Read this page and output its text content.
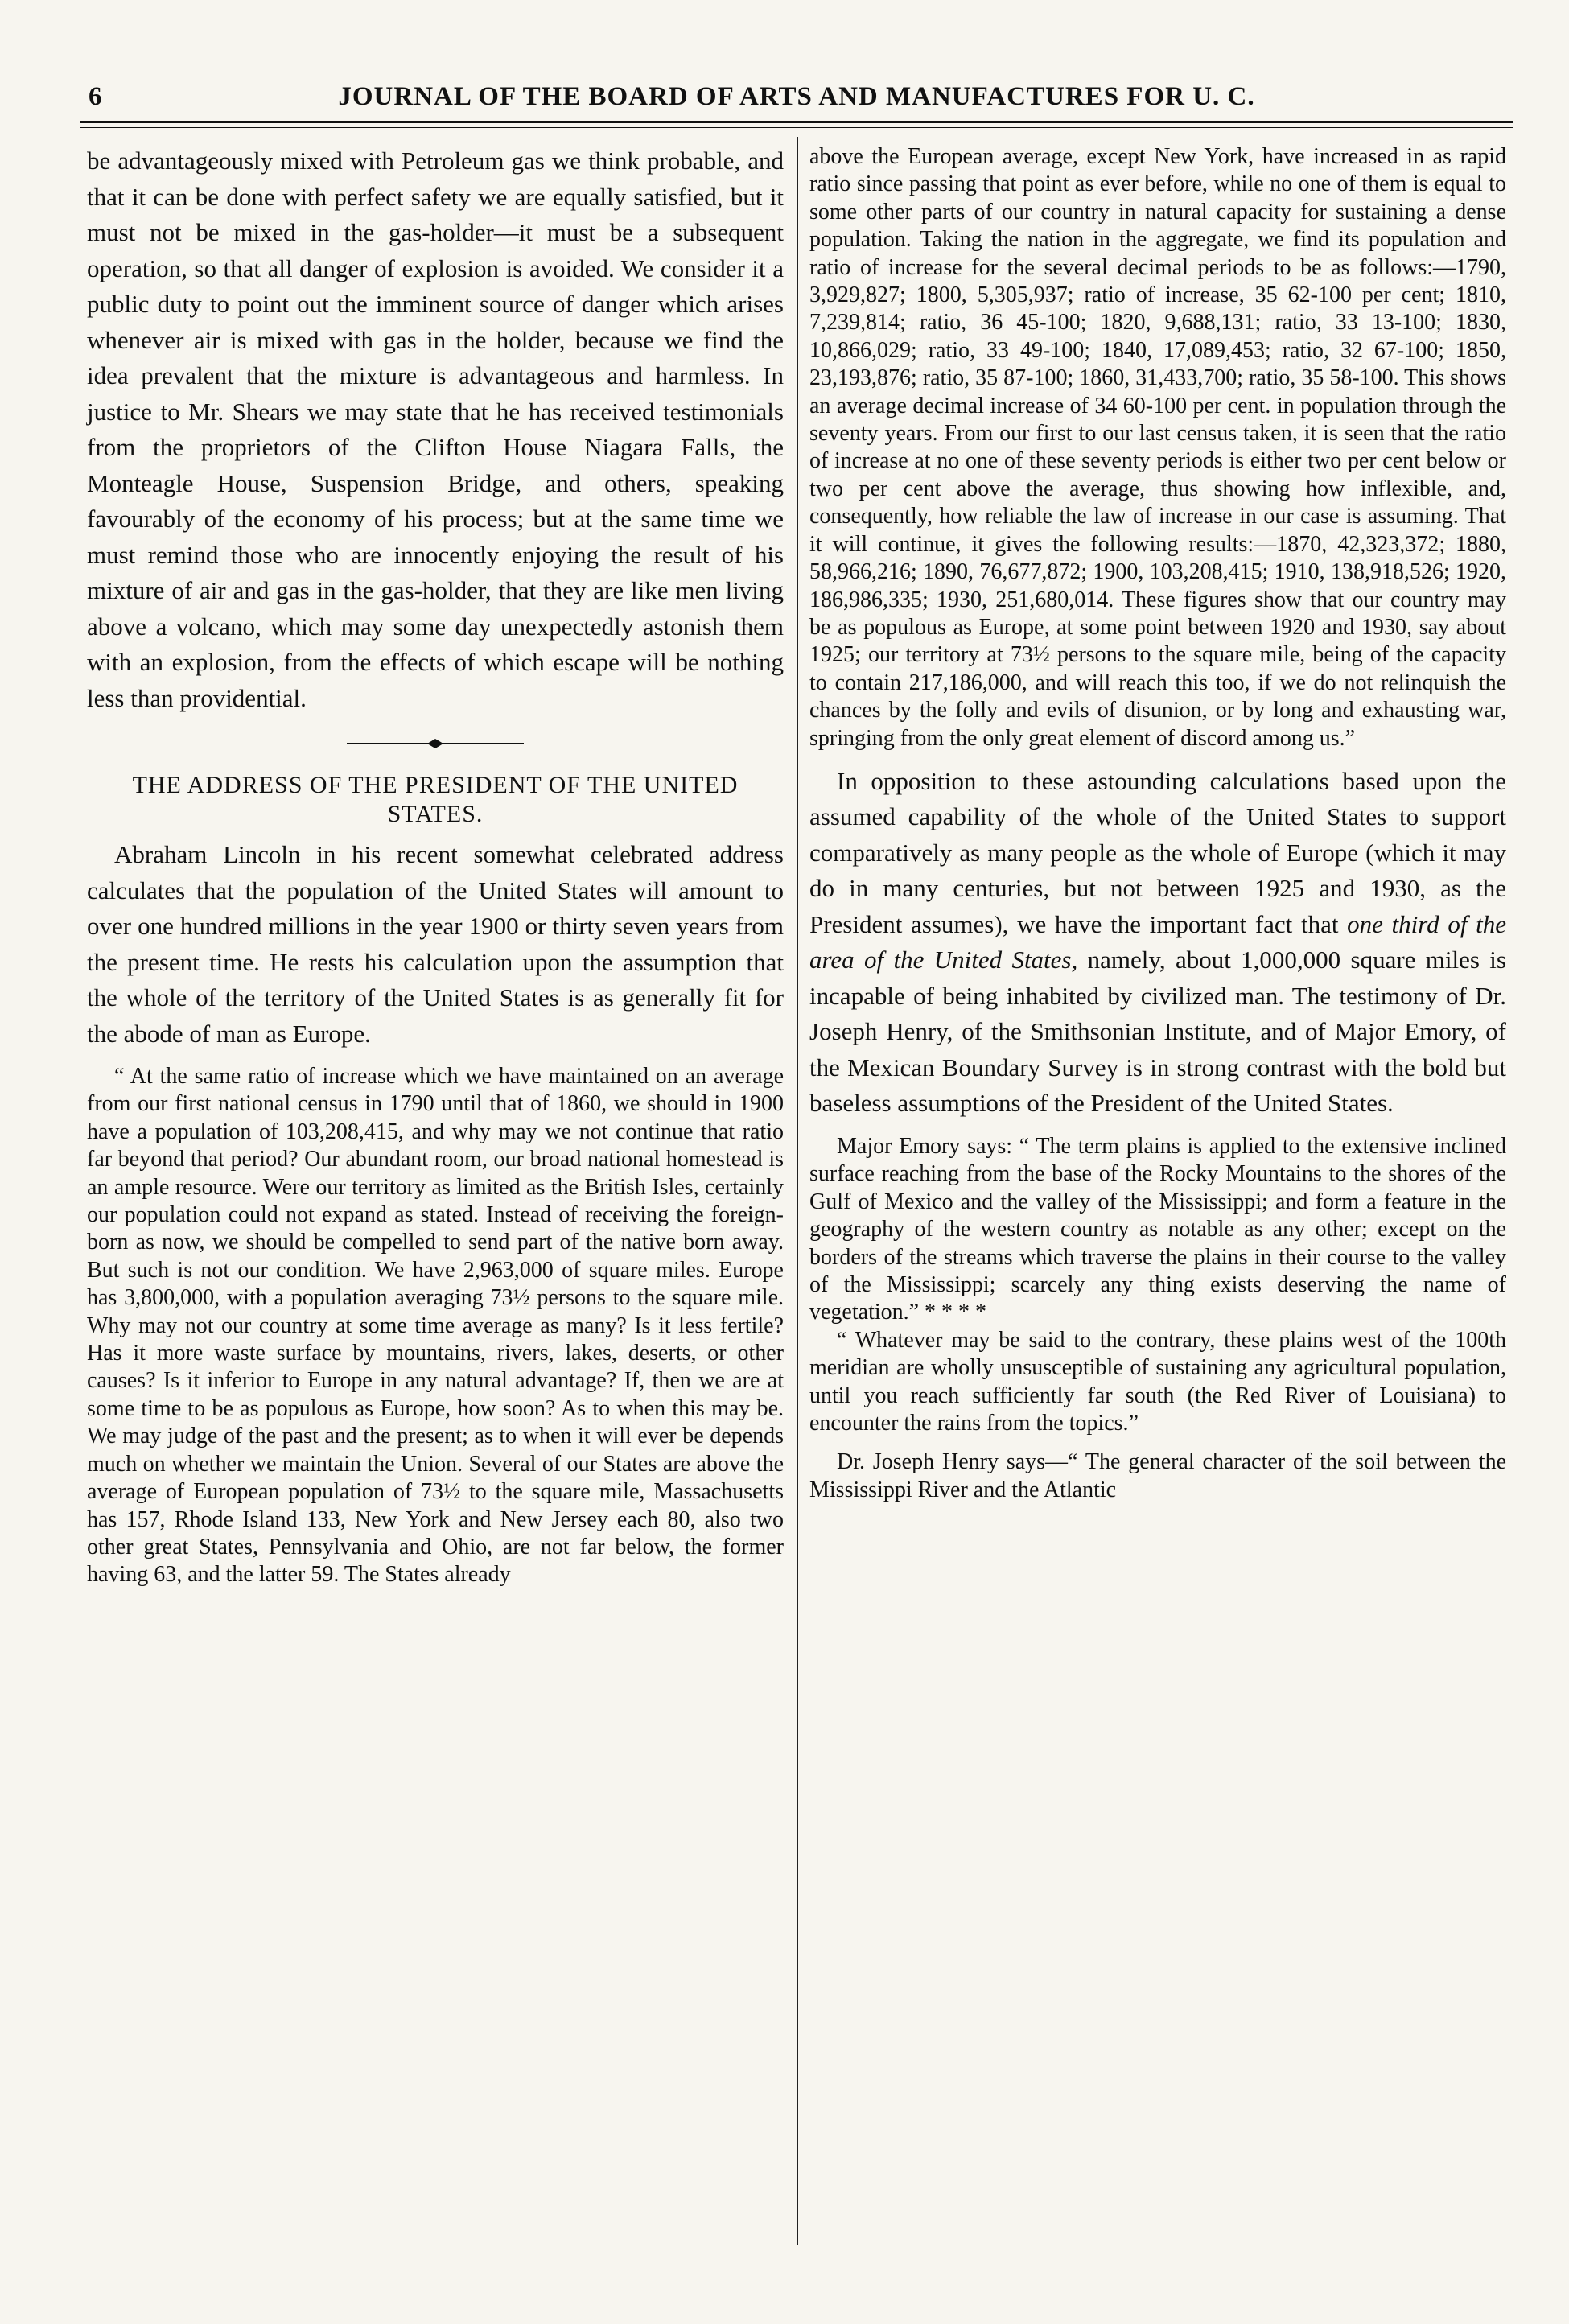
6	JOURNAL OF THE BOARD OF ARTS AND MANUFACTURES FOR U. C.

be advantageously mixed with Petroleum gas we think probable, and that it can be done with perfect safety we are equally satisfied, but it must not be mixed in the gas-holder—it must be a subsequent operation, so that all danger of explosion is avoided. We consider it a public duty to point out the imminent source of danger which arises whenever air is mixed with gas in the holder, because we find the idea prevalent that the mixture is advantageous and harmless. In justice to Mr. Shears we may state that he has received testimonials from the proprietors of the Clifton House Niagara Falls, the Monteagle House, Suspension Bridge, and others, speaking favourably of the economy of his process; but at the same time we must remind those who are innocently enjoying the result of his mixture of air and gas in the gas-holder, that they are like men living above a volcano, which may some day unexpectedly astonish them with an explosion, from the effects of which escape will be nothing less than providential.

THE ADDRESS OF THE PRESIDENT OF THE UNITED STATES.

Abraham Lincoln in his recent somewhat celebrated address calculates that the population of the United States will amount to over one hundred millions in the year 1900 or thirty seven years from the present time. He rests his calculation upon the assumption that the whole of the territory of the United States is as generally fit for the abode of man as Europe.

“ At the same ratio of increase which we have maintained on an average from our first national census in 1790 until that of 1860, we should in 1900 have a population of 103,208,415, and why may we not continue that ratio far beyond that period? Our abundant room, our broad national homestead is an ample resource. Were our territory as limited as the British Isles, certainly our population could not expand as stated. Instead of receiving the foreign-born as now, we should be compelled to send part of the native born away. But such is not our condition. We have 2,963,000 of square miles. Europe has 3,800,000, with a population averaging 73½ persons to the square mile. Why may not our country at some time average as many? Is it less fertile? Has it more waste surface by mountains, rivers, lakes, deserts, or other causes? Is it inferior to Europe in any natural advantage? If, then we are at some time to be as populous as Europe, how soon? As to when this may be. We may judge of the past and the present; as to when it will ever be depends much on whether we maintain the Union. Several of our States are above the average of European population of 73½ to the square mile, Massachusetts has 157, Rhode Island 133, New York and New Jersey each 80, also two other great States, Pennsylvania and Ohio, are not far below, the former having 63, and the latter 59. The States already

above the European average, except New York, have increased in as rapid ratio since passing that point as ever before, while no one of them is equal to some other parts of our country in natural capacity for sustaining a dense population. Taking the nation in the aggregate, we find its population and ratio of increase for the several decimal periods to be as follows:—1790, 3,929,827; 1800, 5,305,937; ratio of increase, 35 62-100 per cent; 1810, 7,239,814; ratio, 36 45-100; 1820, 9,688,131; ratio, 33 13-100; 1830, 10,866,029; ratio, 33 49-100; 1840, 17,089,453; ratio, 32 67-100; 1850, 23,193,876; ratio, 35 87-100; 1860, 31,433,700; ratio, 35 58-100. This shows an average decimal increase of 34 60-100 per cent. in population through the seventy years. From our first to our last census taken, it is seen that the ratio of increase at no one of these seventy periods is either two per cent below or two per cent above the average, thus showing how inflexible, and, consequently, how reliable the law of increase in our case is assuming. That it will continue, it gives the following results:—1870, 42,323,372; 1880, 58,966,216; 1890, 76,677,872; 1900, 103,208,415; 1910, 138,918,526; 1920, 186,986,335; 1930, 251,680,014. These figures show that our country may be as populous as Europe, at some point between 1920 and 1930, say about 1925; our territory at 73½ persons to the square mile, being of the capacity to contain 217,186,000, and will reach this too, if we do not relinquish the chances by the folly and evils of disunion, or by long and exhausting war, springing from the only great element of discord among us.”

In opposition to these astounding calculations based upon the assumed capability of the whole of the United States to support comparatively as many people as the whole of Europe (which it may do in many centuries, but not between 1925 and 1930, as the President assumes), we have the important fact that one third of the area of the United States, namely, about 1,000,000 square miles is incapable of being inhabited by civilized man. The testimony of Dr. Joseph Henry, of the Smithsonian Institute, and of Major Emory, of the Mexican Boundary Survey is in strong contrast with the bold but baseless assumptions of the President of the United States.

Major Emory says: “ The term plains is applied to the extensive inclined surface reaching from the base of the Rocky Mountains to the shores of the Gulf of Mexico and the valley of the Mississippi; and form a feature in the geography of the western country as notable as any other; except on the borders of the streams which traverse the plains in their course to the valley of the Mississippi; scarcely any thing exists deserving the name of vegetation.” * * * *

“ Whatever may be said to the contrary, these plains west of the 100th meridian are wholly unsusceptible of sustaining any agricultural population, until you reach sufficiently far south (the Red River of Louisiana) to encounter the rains from the topics.”

Dr. Joseph Henry says—“ The general character of the soil between the Mississippi River and the Atlantic
